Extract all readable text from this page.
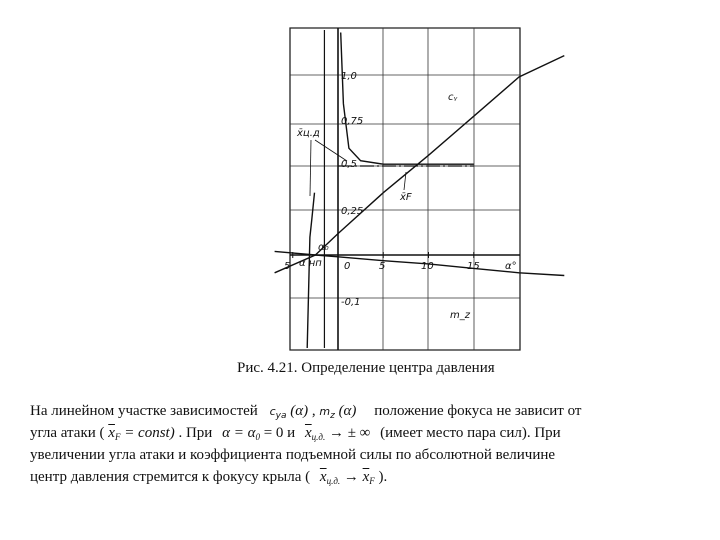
1,0
0,75
0,5
0,25
-0,1
5	0	5	10	15	α°
x̄ц.д
x̄F
α₀
α нп
cᵧ
m_z
Рис. 4.21. Определение центра давления
На линейном участке зависимостей $c_{уа}$ (α) , $m_z$ (α) положение фокуса не зависит от
угла атаки ( $\overline{x}_F$ = const) . При $\alpha = \alpha_0 = 0$ и $\overline{x}_{ц.д.}$ → ± ∞ (имеет место пара сил). При
увеличении угла атаки и коэффициента подъемной силы по абсолютной величине
центр давления стремится к фокусу крыла ( $\overline{x}_{ц.д.} \to \overline{x}_F$ ).
